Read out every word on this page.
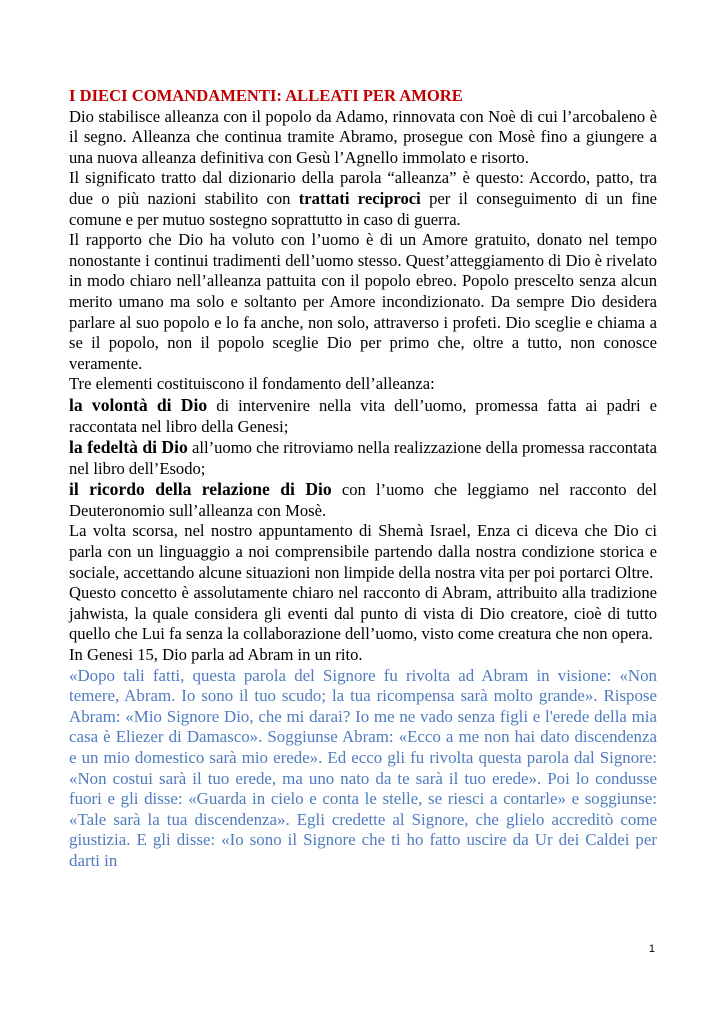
I DIECI COMANDAMENTI: ALLEATI PER AMORE

Dio stabilisce alleanza con il popolo da Adamo, rinnovata con Noè di cui l’arcobaleno è il segno. Alleanza che continua tramite Abramo, prosegue con Mosè fino a giungere a una nuova alleanza definitiva con Gesù l’Agnello immolato e risorto.

Il significato tratto dal dizionario della parola “alleanza” è questo: Accordo, patto, tra due o più nazioni stabilito con trattati reciproci per il conseguimento di un fine comune e per mutuo sostegno soprattutto in caso di guerra.

Il rapporto che Dio ha voluto con l’uomo è di un Amore gratuito, donato nel tempo nonostante i continui tradimenti dell’uomo stesso. Quest’atteggiamento di Dio è rivelato in modo chiaro nell’alleanza pattuita con il popolo ebreo. Popolo prescelto senza alcun merito umano ma solo e soltanto per Amore incondizionato. Da sempre Dio desidera parlare al suo popolo e lo fa anche, non solo, attraverso i profeti. Dio sceglie e chiama a se il popolo, non il popolo sceglie Dio per primo che, oltre a tutto, non conosce veramente.

Tre elementi costituiscono il fondamento dell’alleanza:

la volontà di Dio di intervenire nella vita dell’uomo, promessa fatta ai padri e raccontata nel libro della Genesi;

la fedeltà di Dio all’uomo che ritroviamo nella realizzazione della promessa raccontata nel libro dell’Esodo;

il ricordo della relazione di Dio con l’uomo che leggiamo nel racconto del Deuteronomio sull’alleanza con Mosè.

La volta scorsa, nel nostro appuntamento di Shemà Israel, Enza ci diceva che Dio ci parla con un linguaggio a noi comprensibile partendo dalla nostra condizione storica e sociale, accettando alcune situazioni non limpide della nostra vita per poi portarci Oltre.

Questo concetto è assolutamente chiaro nel racconto di Abram, attribuito alla tradizione jahwista, la quale considera gli eventi dal punto di vista di Dio creatore, cioè di tutto quello che Lui fa senza la collaborazione dell’uomo, visto come creatura che non opera.

In Genesi 15, Dio parla ad Abram in un rito.

«Dopo tali fatti, questa parola del Signore fu rivolta ad Abram in visione: «Non temere, Abram. Io sono il tuo scudo; la tua ricompensa sarà molto grande». Rispose Abram: «Mio Signore Dio, che mi darai? Io me ne vado senza figli e l'erede della mia casa è Eliezer di Damasco». Soggiunse Abram: «Ecco a me non hai dato discendenza e un mio domestico sarà mio erede». Ed ecco gli fu rivolta questa parola dal Signore: «Non costui sarà il tuo erede, ma uno nato da te sarà il tuo erede». Poi lo condusse fuori e gli disse: «Guarda in cielo e conta le stelle, se riesci a contarle» e soggiunse: «Tale sarà la tua discendenza». Egli credette al Signore, che glielo accreditò come giustizia. E gli disse: «Io sono il Signore che ti ho fatto uscire da Ur dei Caldei per darti in

1
